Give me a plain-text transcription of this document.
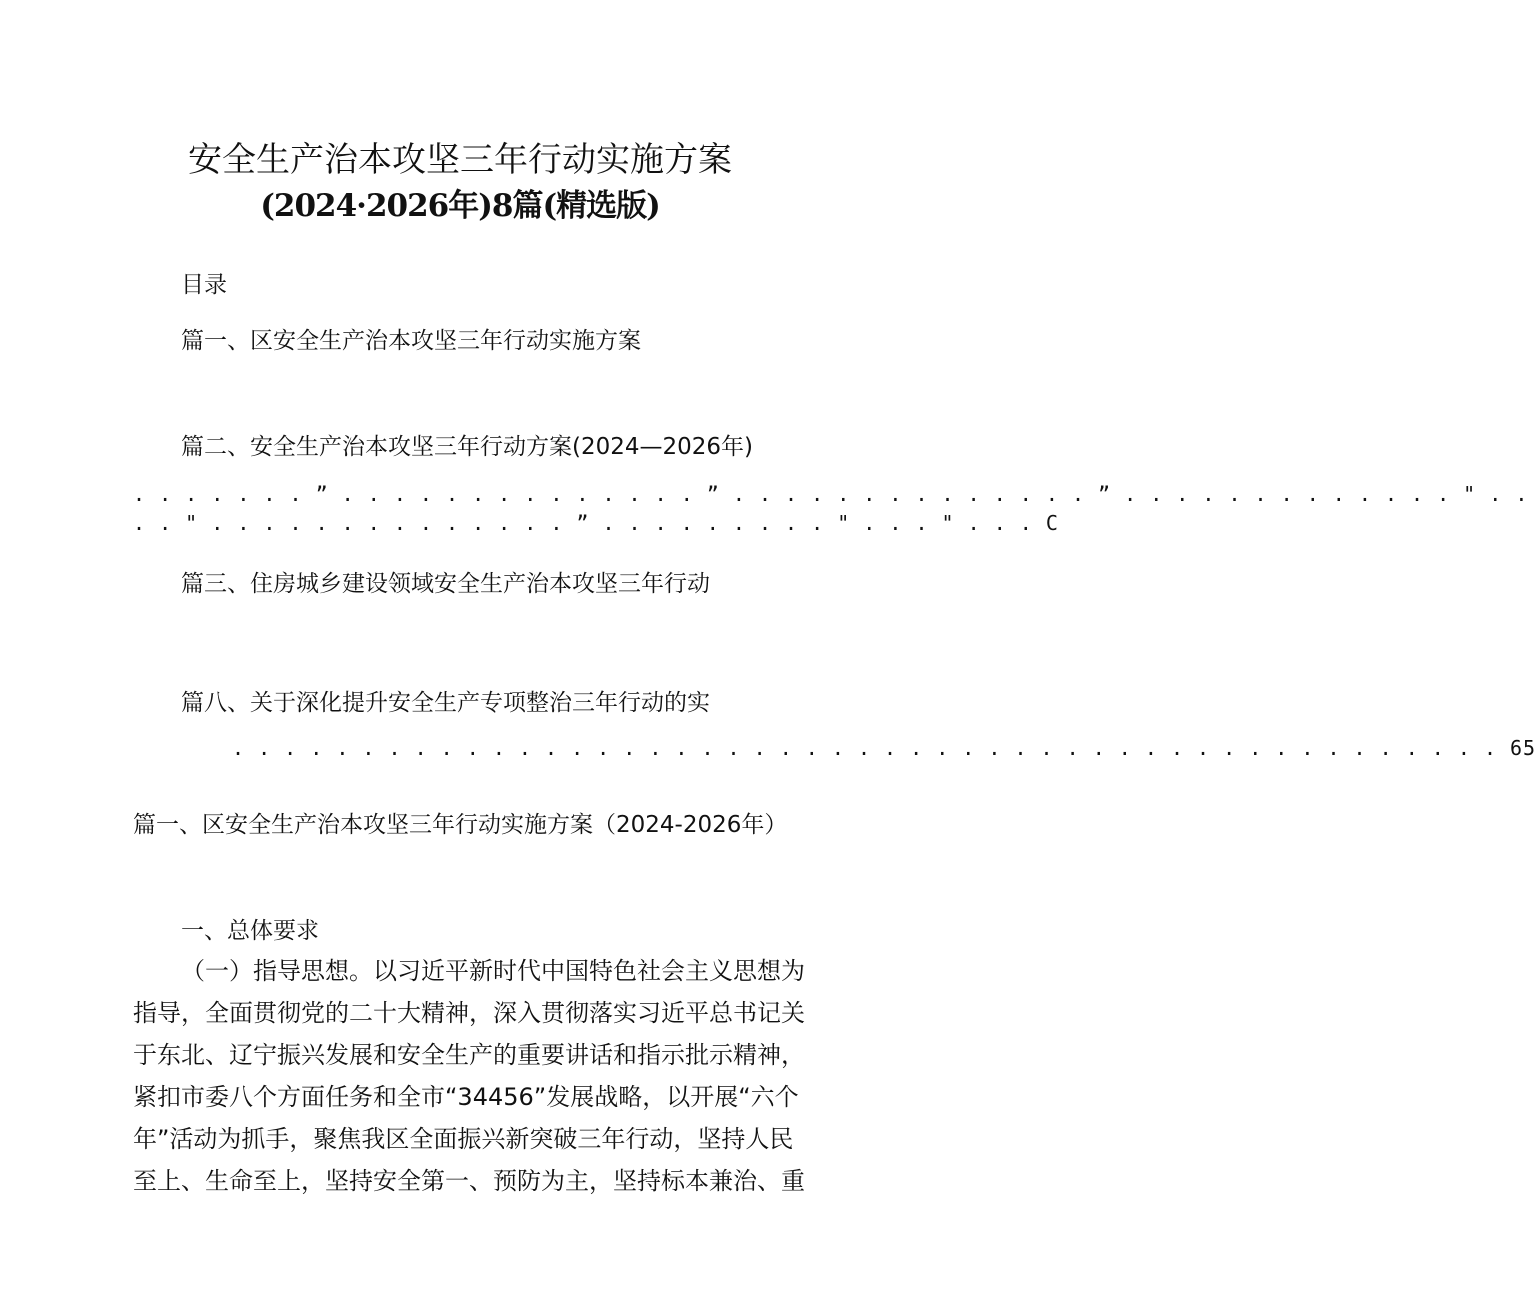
安全生产治本攻坚三年行动实施方案
(2024·2026年)8篇(精选版)
目录
篇一、区安全生产治本攻坚三年行动实施方案
篇二、安全生产治本攻坚三年行动方案(2024—2026年)
. . . . . . . ” . . . . . . . . . . . . . . ” . . . . . . . . . . . . . . ” . . . . . . . . . . . . . " . .
. . " . . . . . . . . . . . . . . ” . . . . . . . . . " . . . " . . . C
篇三、住房城乡建设领域安全生产治本攻坚三年行动
篇八、关于深化提升安全生产专项整治三年行动的实
. . . . . . . . . . . . . . . . . . . . . . . . . . . . . . . . . . . . . . . . . . . . . . . . . 65
篇一、区安全生产治本攻坚三年行动实施方案（2024-2026年）
一、总体要求
（一）指导思想。以习近平新时代中国特色社会主义思想为
指导，全面贯彻党的二十大精神，深入贯彻落实习近平总书记关
于东北、辽宁振兴发展和安全生产的重要讲话和指示批示精神，
紧扣市委八个方面任务和全市“34456”发展战略，以开展“六个
年”活动为抓手，聚焦我区全面振兴新突破三年行动，坚持人民
至上、生命至上，坚持安全第一、预防为主，坚持标本兼治、重
